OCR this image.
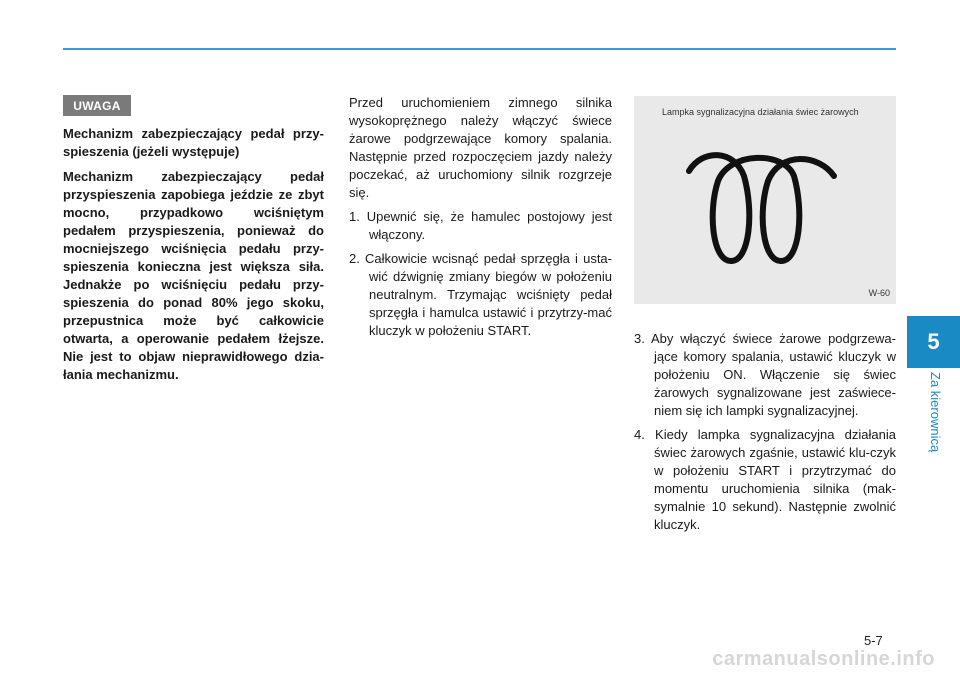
UWAGA

Mechanizm zabezpieczający pedał przy-spieszenia (jeżeli występuje)

Mechanizm zabezpieczający pedał przyspieszenia zapobiega jeździe ze zbyt mocno, przypadkowo wciśniętym pedałem przyspieszenia, ponieważ do mocniejszego wciśnięcia pedału przy-spieszenia konieczna jest większa siła. Jednakże po wciśnięciu pedału przy-spieszenia do ponad 80% jego skoku, przepustnica może być całkowicie otwarta, a operowanie pedałem łżejsze. Nie jest to objaw nieprawidłowego dzia-łania mechanizmu.

Przed uruchomieniem zimnego silnika wysokoprężnego należy włączyć świece żarowe podgrzewające komory spalania. Następnie przed rozpoczęciem jazdy należy poczekać, aż uruchomiony silnik rozgrzeje się.

1. Upewnić się, że hamulec postojowy jest włączony.

2. Całkowicie wcisnąć pedał sprzęgła i usta-wić dźwignię zmiany biegów w położeniu neutralnym. Trzymając wciśnięty pedał sprzęgła i hamulca ustawić i przytrzy-mać kluczyk w położeniu START.

Lampka sygnalizacyjna działania świec żarowych
W-60

3. Aby włączyć świece żarowe podgrzewa-jące komory spalania, ustawić kluczyk w położeniu ON. Włączenie się świec żarowych sygnalizowane jest zaświece-niem się ich lampki sygnalizacyjnej.

4. Kiedy lampka sygnalizacyjna działania świec żarowych zgaśnie, ustawić klu-czyk w położeniu START i przytrzymać do momentu uruchomienia silnika (mak-symalnie 10 sekund). Następnie zwolnić kluczyk.

5
Za kierownicą
5-7
carmanualsonline.info
